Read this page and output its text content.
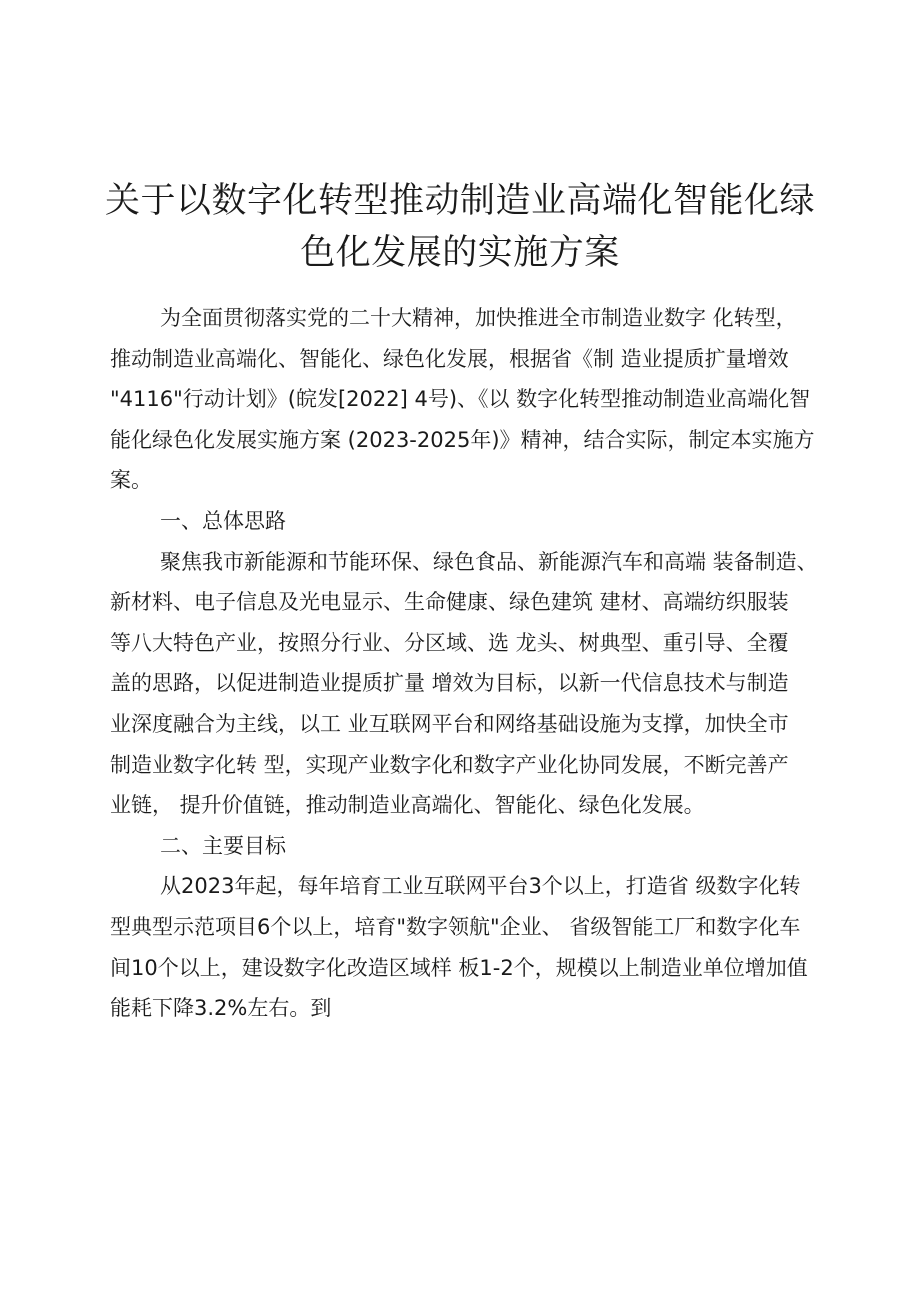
关于以数字化转型推动制造业高端化智能化绿
色化发展的实施方案
为全面贯彻落实党的二十大精神，加快推进全市制造业数字 化转型，
推动制造业高端化、智能化、绿色化发展，根据省《制 造业提质扩量增效
"4116"行动计划》(皖发[2022] 4号)、《以 数字化转型推动制造业高端化智
能化绿色化发展实施方案 (2023-2025年)》精神，结合实际，制定本实施方
案。
一、总体思路
聚焦我市新能源和节能环保、绿色食品、新能源汽车和高端 装备制造、
新材料、电子信息及光电显示、生命健康、绿色建筑 建材、高端纺织服装
等八大特色产业，按照分行业、分区域、选 龙头、树典型、重引导、全覆
盖的思路，以促进制造业提质扩量 增效为目标，以新一代信息技术与制造
业深度融合为主线，以工 业互联网平台和网络基础设施为支撑，加快全市
制造业数字化转 型，实现产业数字化和数字产业化协同发展，不断完善产
业链， 提升价值链，推动制造业高端化、智能化、绿色化发展。
二、主要目标
从2023年起，每年培育工业互联网平台3个以上，打造省 级数字化转
型典型示范项目6个以上，培育"数字领航"企业、 省级智能工厂和数字化车
间10个以上，建设数字化改造区域样 板1-2个，规模以上制造业单位增加值
能耗下降3.2%左右。到
